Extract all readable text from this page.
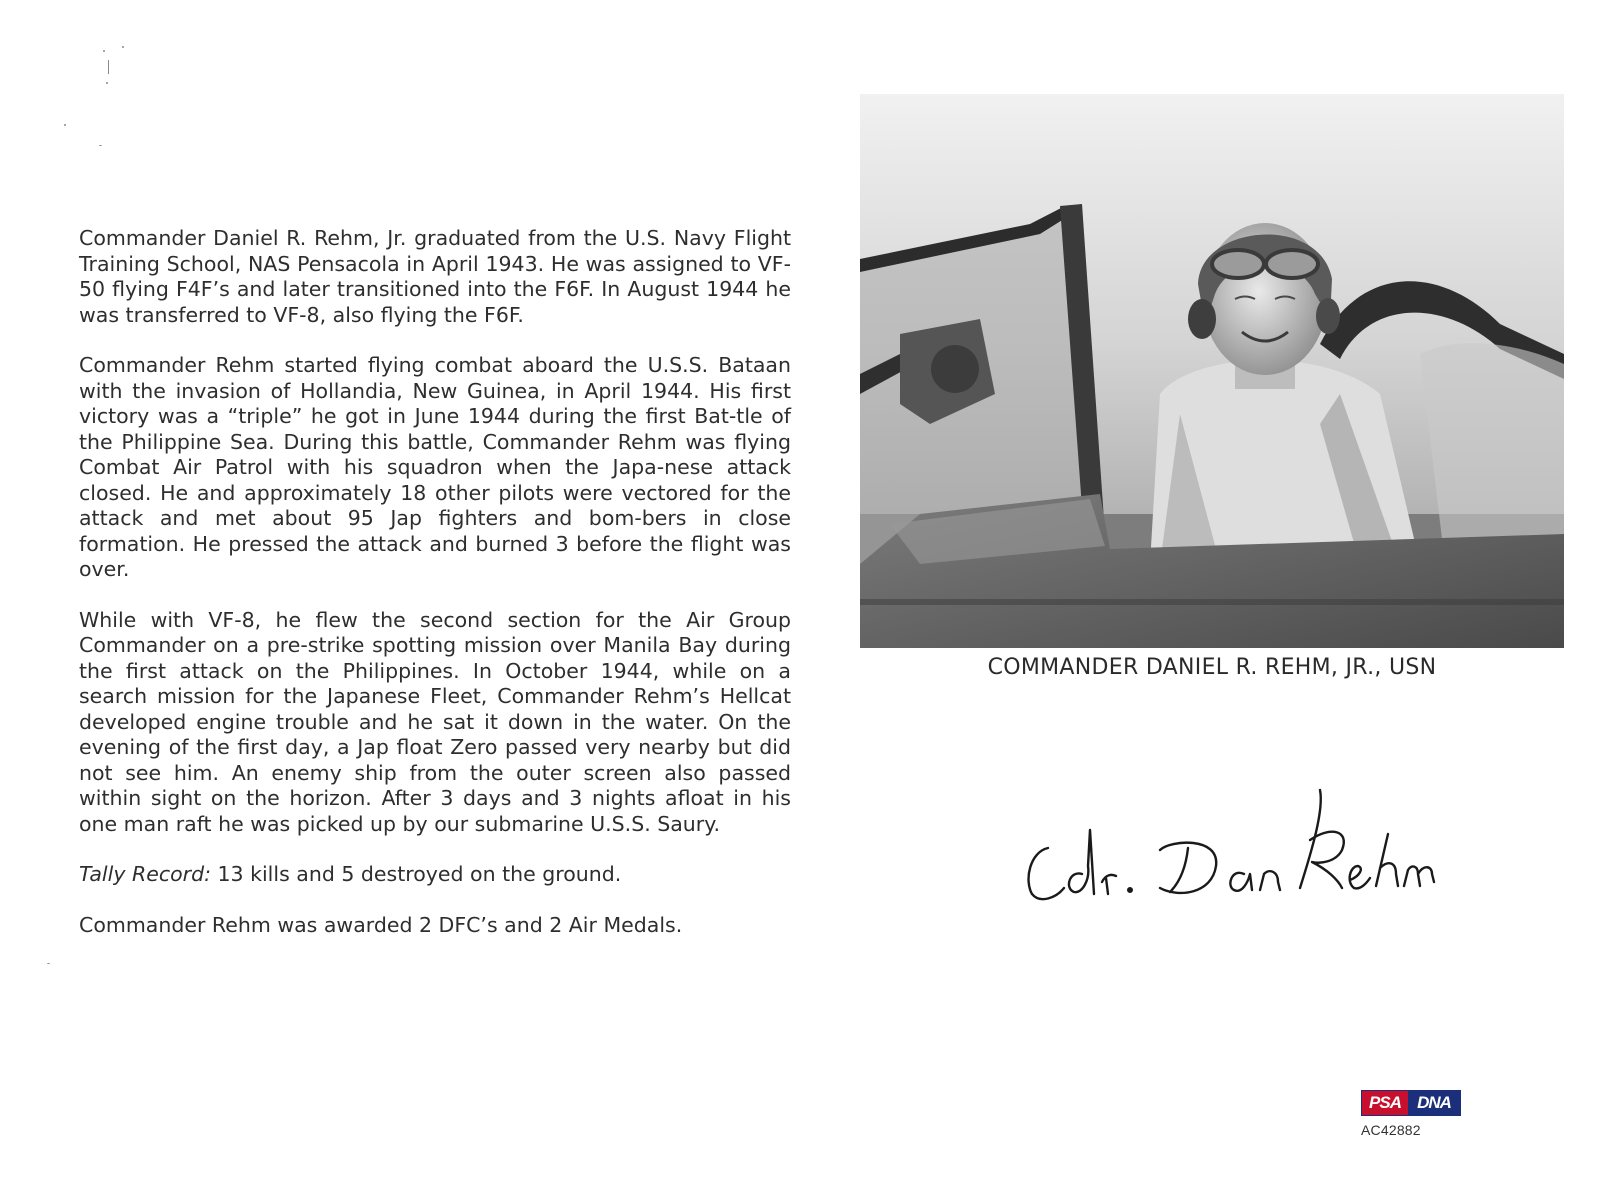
Commander Daniel R. Rehm, Jr. graduated from the U.S. Navy Flight Training School, NAS Pensacola in April 1943. He was assigned to VF-50 flying F4F’s and later transitioned into the F6F. In August 1944 he was transferred to VF-8, also flying the F6F.

Commander Rehm started flying combat aboard the U.S.S. Bataan with the invasion of Hollandia, New Guinea, in April 1944. His first victory was a “triple” he got in June 1944 during the first Bat-tle of the Philippine Sea. During this battle, Commander Rehm was flying Combat Air Patrol with his squadron when the Japa-nese attack closed. He and approximately 18 other pilots were vectored for the attack and met about 95 Jap fighters and bom-bers in close formation. He pressed the attack and burned 3 before the flight was over.

While with VF-8, he flew the second section for the Air Group Commander on a pre-strike spotting mission over Manila Bay during the first attack on the Philippines. In October 1944, while on a search mission for the Japanese Fleet, Commander Rehm’s Hellcat developed engine trouble and he sat it down in the water. On the evening of the first day, a Jap float Zero passed very nearby but did not see him. An enemy ship from the outer screen also passed within sight on the horizon. After 3 days and 3 nights afloat in his one man raft he was picked up by our submarine U.S.S. Saury.

Tally Record: 13 kills and 5 destroyed on the ground.

Commander Rehm was awarded 2 DFC’s and 2 Air Medals.

COMMANDER DANIEL R. REHM, JR., USN
PSA DNA
AC42882
